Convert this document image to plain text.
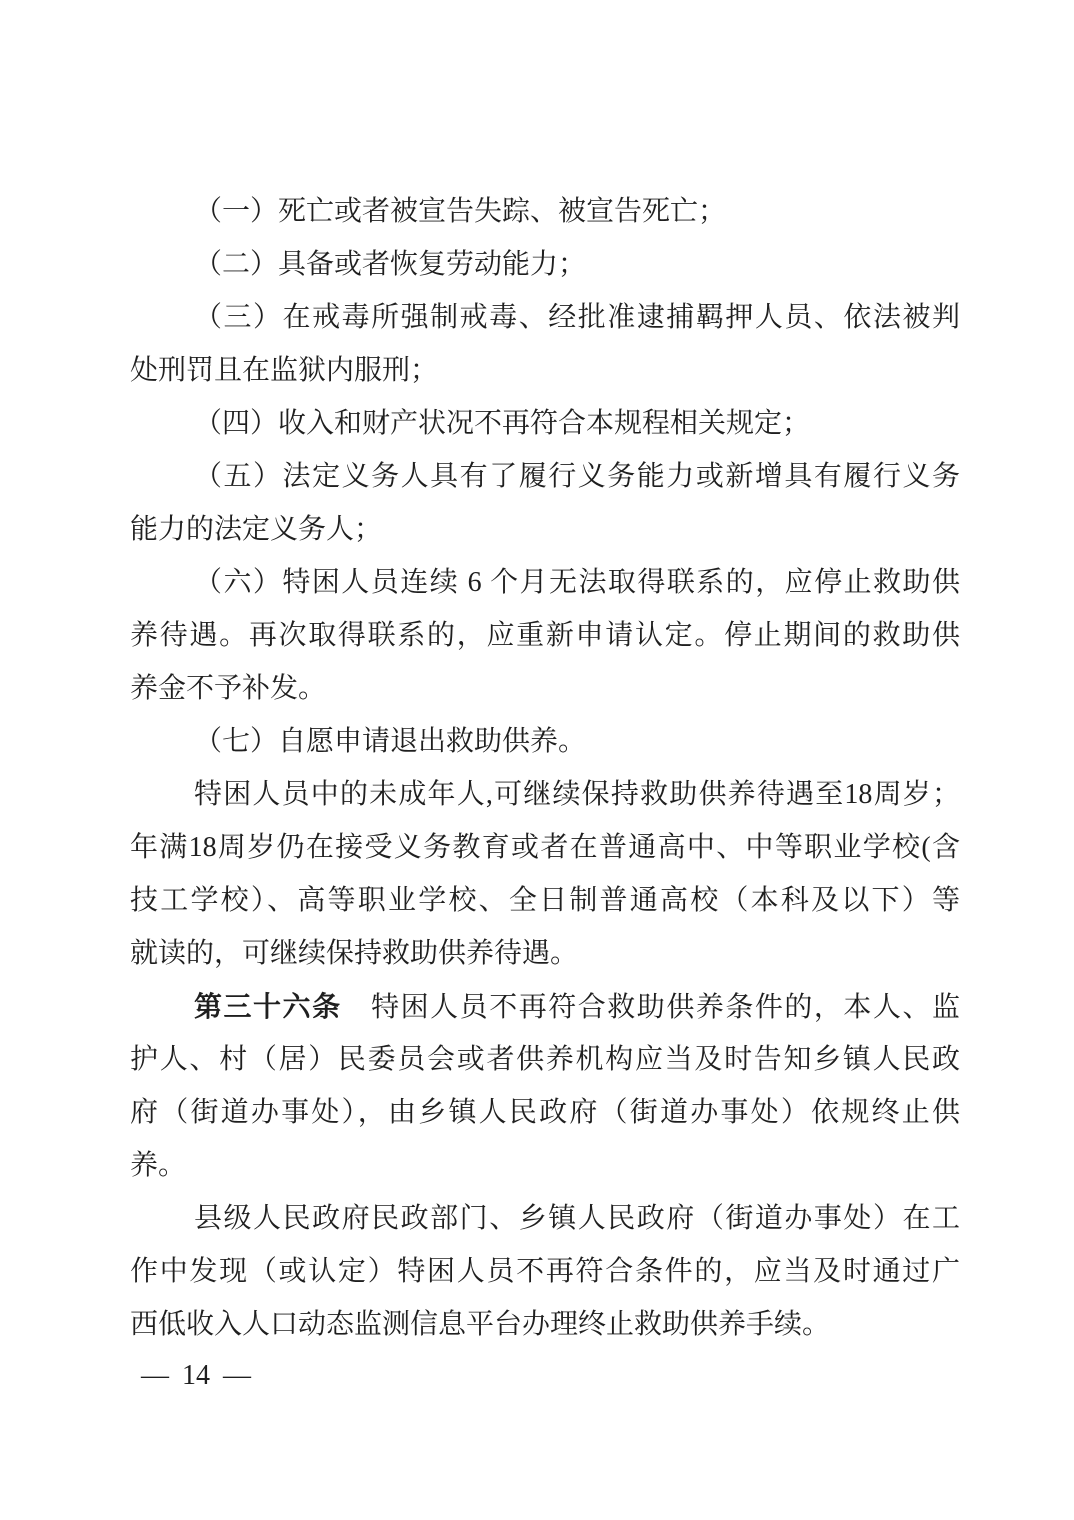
（一）死亡或者被宣告失踪、被宣告死亡；
（二）具备或者恢复劳动能力；
（三）在戒毒所强制戒毒、经批准逮捕羁押人员、依法被判
处刑罚且在监狱内服刑；
（四）收入和财产状况不再符合本规程相关规定；
（五）法定义务人具有了履行义务能力或新增具有履行义务
能力的法定义务人；
（六）特困人员连续 6 个月无法取得联系的，应停止救助供
养待遇。再次取得联系的，应重新申请认定。停止期间的救助供
养金不予补发。
（七）自愿申请退出救助供养。
特困人员中的未成年人,可继续保持救助供养待遇至18周岁；
年满18周岁仍在接受义务教育或者在普通高中、中等职业学校(含
技工学校）、高等职业学校、全日制普通高校（本科及以下）等
就读的，可继续保持救助供养待遇。
第三十六条　特困人员不再符合救助供养条件的，本人、监
护人、村（居）民委员会或者供养机构应当及时告知乡镇人民政
府（街道办事处），由乡镇人民政府（街道办事处）依规终止供
养。
县级人民政府民政部门、乡镇人民政府（街道办事处）在工
作中发现（或认定）特困人员不再符合条件的，应当及时通过广
西低收入人口动态监测信息平台办理终止救助供养手续。
— 14 —
